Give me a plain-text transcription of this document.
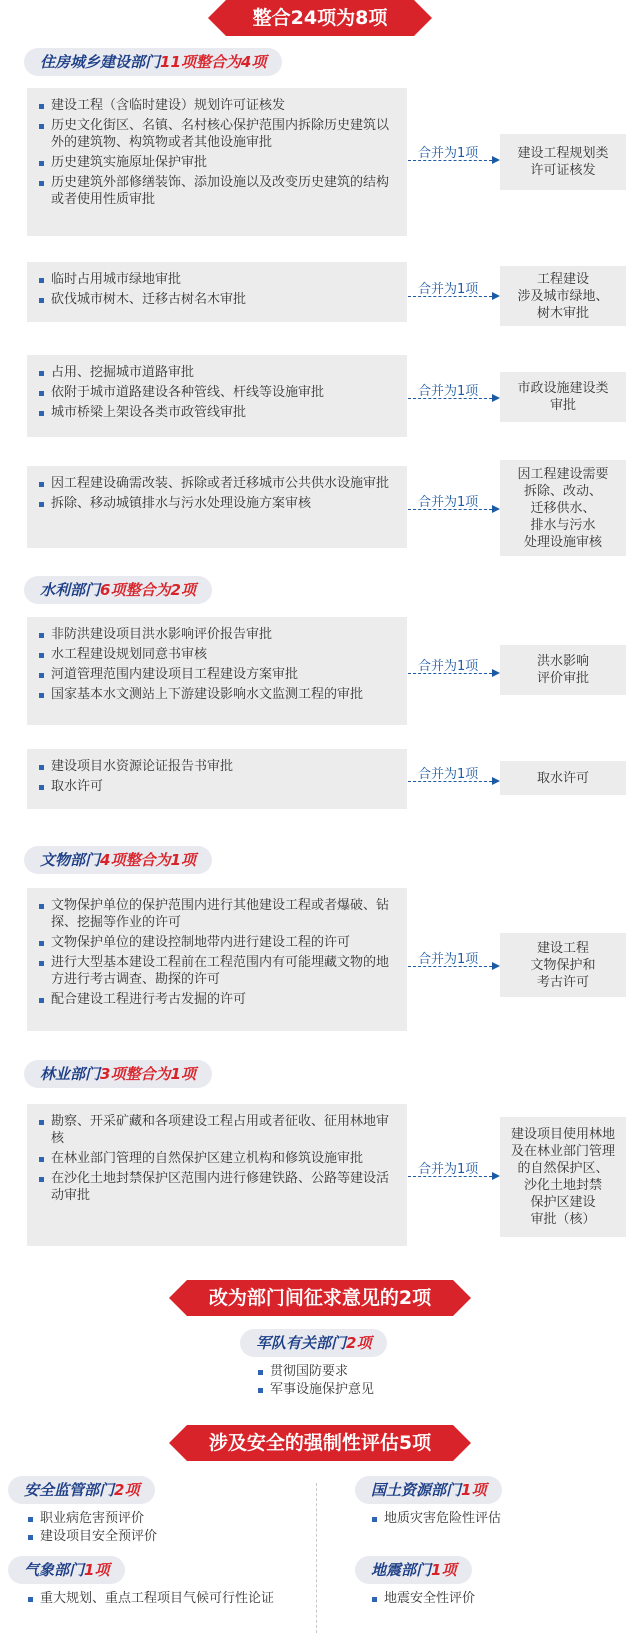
整合24项为8项
住房城乡建设部门11项整合为4项
建设工程（含临时建设）规划许可证核发
历史文化街区、名镇、名村核心保护范围内拆除历史建筑以外的建筑物、构筑物或者其他设施审批
历史建筑实施原址保护审批
历史建筑外部修缮装饰、添加设施以及改变历史建筑的结构或者使用性质审批
合并为1项	建设工程规划类
许可证核发
临时占用城市绿地审批
砍伐城市树木、迁移古树名木审批
合并为1项
工程建设
涉及城市绿地、
树木审批
占用、挖掘城市道路审批
依附于城市道路建设各种管线、杆线等设施审批
城市桥梁上架设各类市政管线审批
合并为1项	市政设施建设类
审批
因工程建设确需改装、拆除或者迁移城市公共供水设施审批
拆除、移动城镇排水与污水处理设施方案审核	合并为1项
因工程建设需要
拆除、改动、
迁移供水、
排水与污水
处理设施审核
水利部门6项整合为2项
非防洪建设项目洪水影响评价报告审批
水工程建设规划同意书审核
河道管理范围内建设项目工程建设方案审批
国家基本水文测站上下游建设影响水文监测工程的审批
合并为1项	洪水影响
评价审批
建设项目水资源论证报告书审批
取水许可
合并为1项	取水许可
文物部门4项整合为1项
文物保护单位的保护范围内进行其他建设工程或者爆破、钻探、挖掘等作业的许可
文物保护单位的建设控制地带内进行建设工程的许可
进行大型基本建设工程前在工程范围内有可能埋藏文物的地方进行考古调查、勘探的许可
配合建设工程进行考古发掘的许可
合并为1项
建设工程
文物保护和
考古许可
林业部门3项整合为1项
勘察、开采矿藏和各项建设工程占用或者征收、征用林地审核
在林业部门管理的自然保护区建立机构和修筑设施审批
在沙化土地封禁保护区范围内进行修建铁路、公路等建设活动审批
合并为1项
建设项目使用林地
及在林业部门管理
的自然保护区、
沙化土地封禁
保护区建设
审批（核）
改为部门间征求意见的2项
军队有关部门2项
贯彻国防要求
军事设施保护意见
涉及安全的强制性评估5项
安全监管部门2项
职业病危害预评价
建设项目安全预评价
国土资源部门1项
地质灾害危险性评估
气象部门1项
重大规划、重点工程项目气候可行性论证
地震部门1项
地震安全性评价
